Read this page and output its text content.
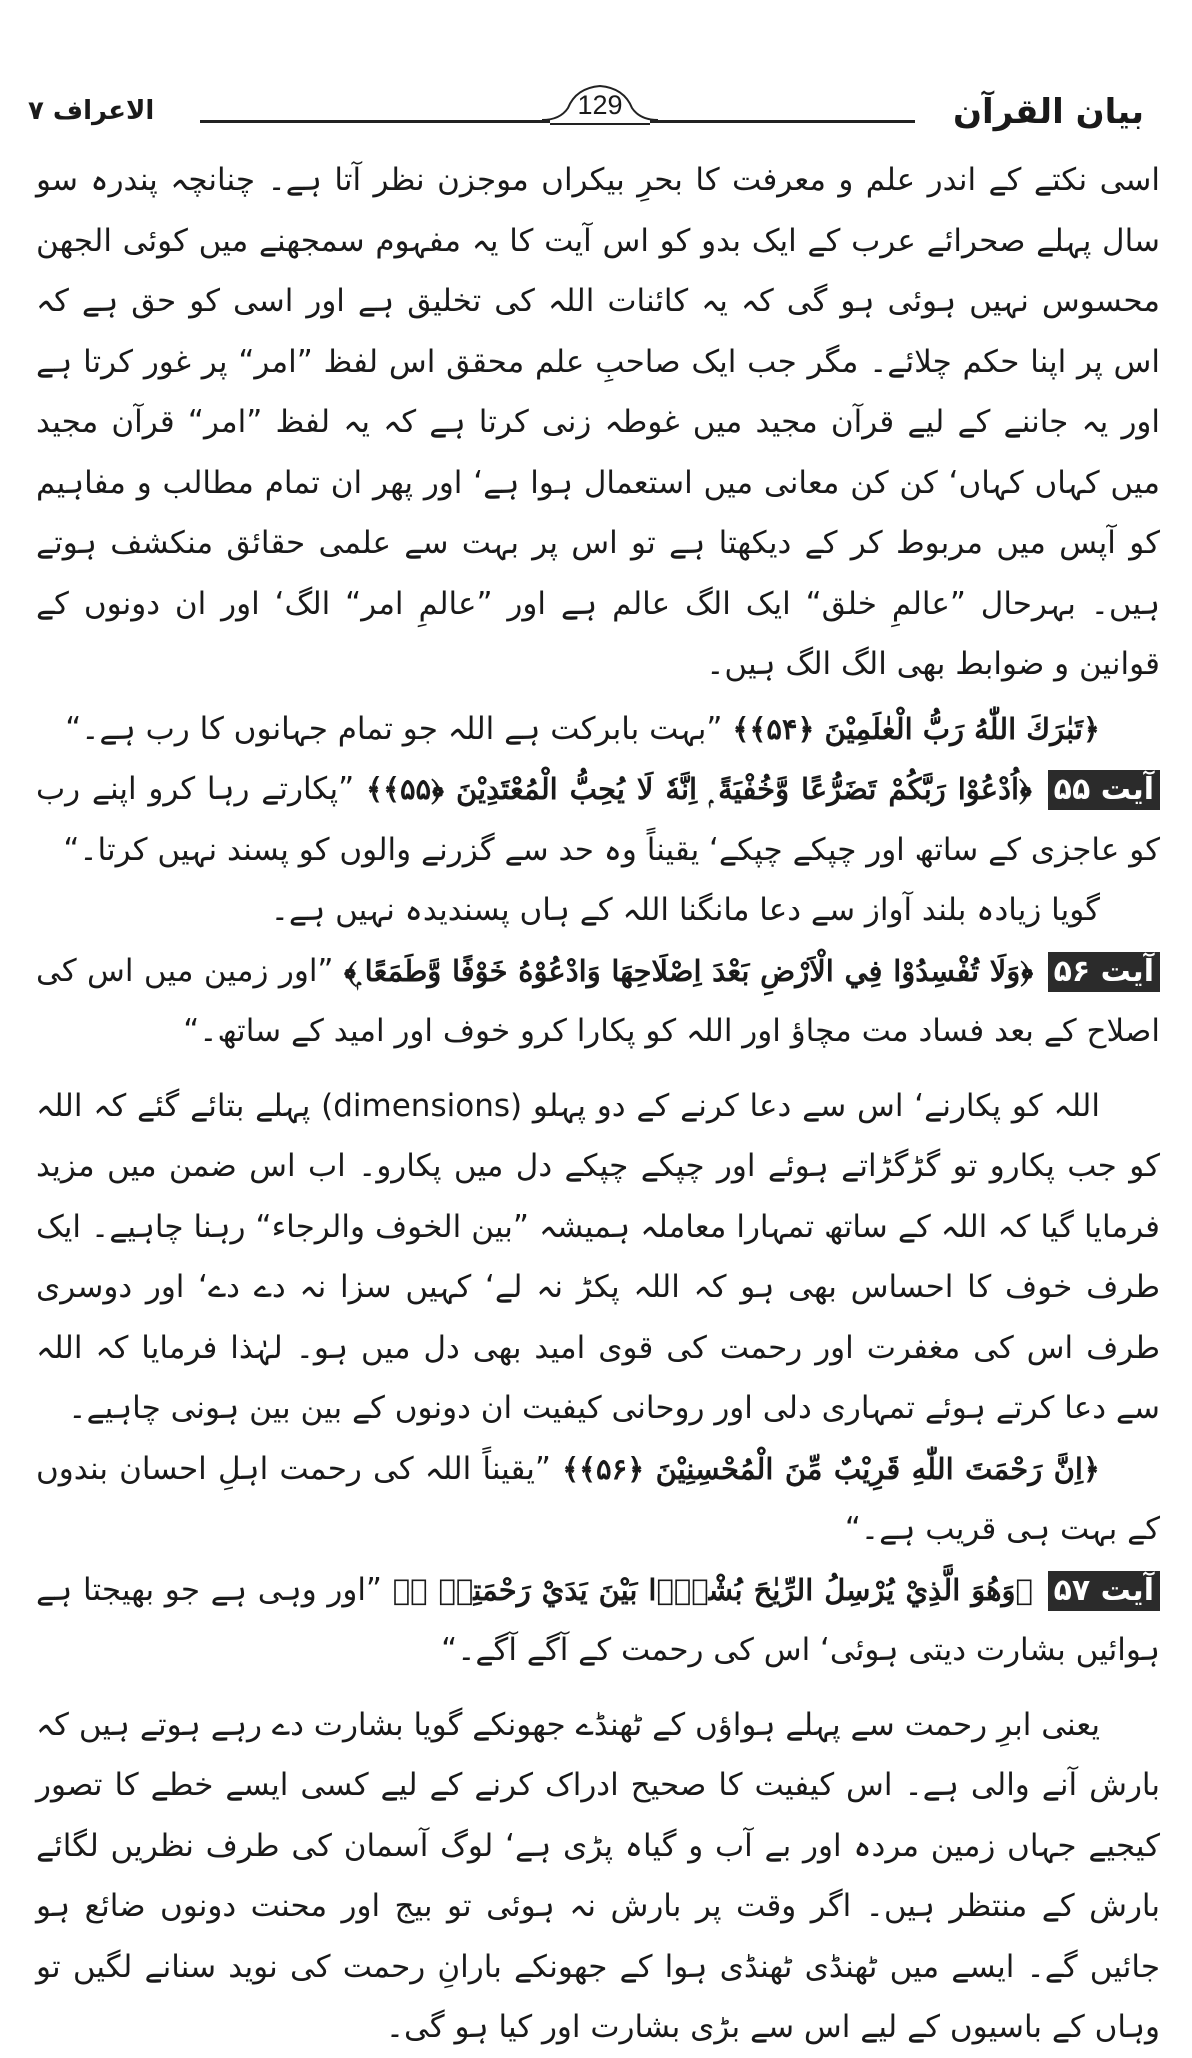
بیان القرآن
129
الاعراف ۷

اسی نکتے کے اندر علم و معرفت کا بحرِ بیکراں موجزن نظر آتا ہے۔ چنانچہ پندرہ سو سال پہلے صحرائے عرب کے ایک بدو کو اس آیت کا یہ مفہوم سمجھنے میں کوئی الجھن محسوس نہیں ہوئی ہو گی کہ یہ کائنات اللہ کی تخلیق ہے اور اسی کو حق ہے کہ اس پر اپنا حکم چلائے۔ مگر جب ایک صاحبِ علم محقق اس لفظ ”امر“ پر غور کرتا ہے اور یہ جاننے کے لیے قرآن مجید میں غوطہ زنی کرتا ہے کہ یہ لفظ ”امر“ قرآن مجید میں کہاں کہاں‘ کن کن معانی میں استعمال ہوا ہے‘ اور پھر ان تمام مطالب و مفاہیم کو آپس میں مربوط کر کے دیکھتا ہے تو اس پر بہت سے علمی حقائق منکشف ہوتے ہیں۔ بہرحال ”عالمِ خلق“ ایک الگ عالم ہے اور ”عالمِ امر“ الگ‘ اور ان دونوں کے قوانین و ضوابط بھی الگ الگ ہیں۔

﴿تَبٰرَكَ اللّٰهُ رَبُّ الْعٰلَمِيْنَ ﴿۵۴﴾﴾ ”بہت بابرکت ہے اللہ جو تمام جہانوں کا رب ہے۔“

آیت ۵۵ ﴿اُدْعُوْا رَبَّكُمْ تَضَرُّعًا وَّخُفْيَةً ۭ اِنَّهٗ لَا يُحِبُّ الْمُعْتَدِيْنَ ﴿۵۵﴾﴾ ”پکارتے رہا کرو اپنے رب کو عاجزی کے ساتھ اور چپکے چپکے‘ یقیناً وہ حد سے گزرنے والوں کو پسند نہیں کرتا۔“

گویا زیادہ بلند آواز سے دعا مانگنا اللہ کے ہاں پسندیدہ نہیں ہے۔

آیت ۵۶ ﴿وَلَا تُفْسِدُوْا فِي الْاَرْضِ بَعْدَ اِصْلَاحِهَا وَادْعُوْهُ خَوْفًا وَّطَمَعًا ۭ﴾ ”اور زمین میں اس کی اصلاح کے بعد فساد مت مچاؤ اور اللہ کو پکارا کرو خوف اور امید کے ساتھ۔“

اللہ کو پکارنے‘ اس سے دعا کرنے کے دو پہلو (dimensions) پہلے بتائے گئے کہ اللہ کو جب پکارو تو گڑگڑاتے ہوئے اور چپکے چپکے دل میں پکارو۔ اب اس ضمن میں مزید فرمایا گیا کہ اللہ کے ساتھ تمہارا معاملہ ہمیشہ ”بین الخوف والرجاء“ رہنا چاہیے۔ ایک طرف خوف کا احساس بھی ہو کہ اللہ پکڑ نہ لے‘ کہیں سزا نہ دے دے‘ اور دوسری طرف اس کی مغفرت اور رحمت کی قوی امید بھی دل میں ہو۔ لہٰذا فرمایا کہ اللہ سے دعا کرتے ہوئے تمہاری دلی اور روحانی کیفیت ان دونوں کے بین بین ہونی چاہیے۔

﴿اِنَّ رَحْمَتَ اللّٰهِ قَرِيْبٌ مِّنَ الْمُحْسِنِيْنَ ﴿۵۶﴾﴾ ”یقیناً اللہ کی رحمت اہلِ احسان بندوں کے بہت ہی قریب ہے۔“

آیت ۵۷ ﴿وَهُوَ الَّذِيْ يُرْسِلُ الرِّيٰحَ بُشْرًۢا بَيْنَ يَدَيْ رَحْمَتِهٖ ۭ﴾ ”اور وہی ہے جو بھیجتا ہے ہوائیں بشارت دیتی ہوئی‘ اس کی رحمت کے آگے آگے۔“

یعنی ابرِ رحمت سے پہلے ہواؤں کے ٹھنڈے جھونکے گویا بشارت دے رہے ہوتے ہیں کہ بارش آنے والی ہے۔ اس کیفیت کا صحیح ادراک کرنے کے لیے کسی ایسے خطے کا تصور کیجیے جہاں زمین مردہ اور بے آب و گیاہ پڑی ہے‘ لوگ آسمان کی طرف نظریں لگائے بارش کے منتظر ہیں۔ اگر وقت پر بارش نہ ہوئی تو بیج اور محنت دونوں ضائع ہو جائیں گے۔ ایسے میں ٹھنڈی ٹھنڈی ہوا کے جھونکے بارانِ رحمت کی نوید سنانے لگیں تو وہاں کے باسیوں کے لیے اس سے بڑی بشارت اور کیا ہو گی۔
